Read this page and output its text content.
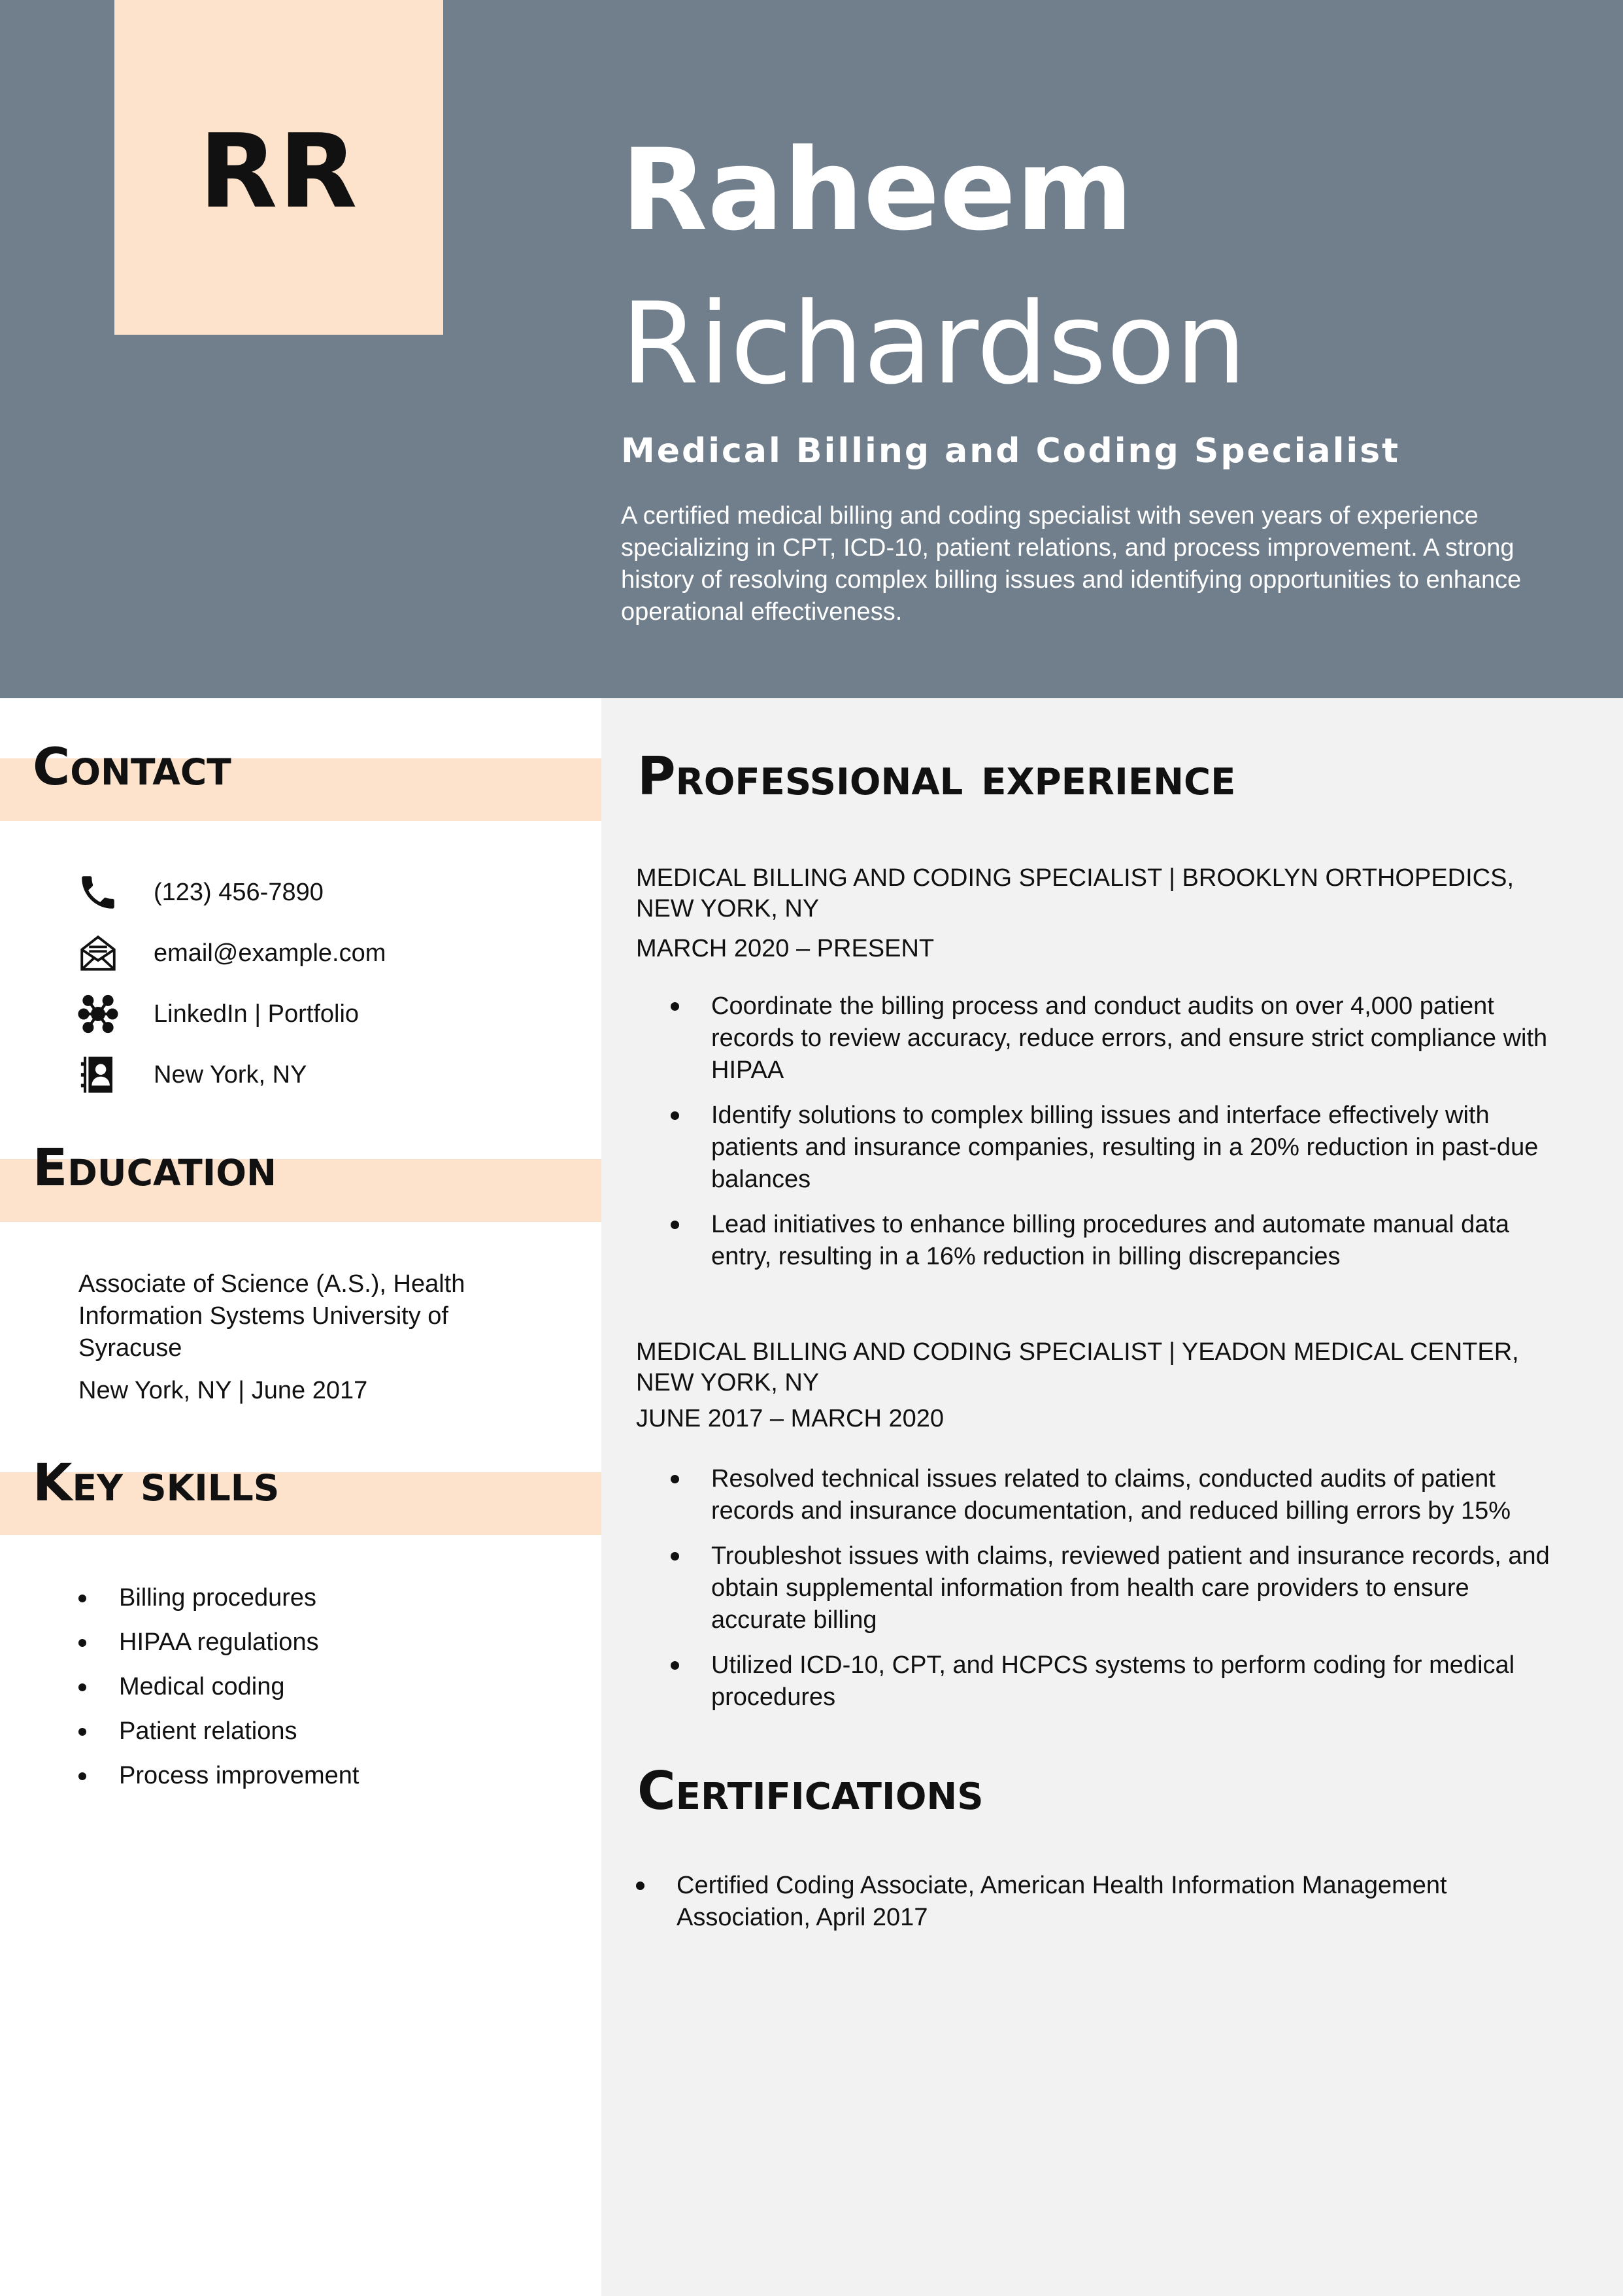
RR Raheem
Richardson
Medical Billing and Coding Specialist
A certified medical billing and coding specialist with seven years of experience specializing in CPT, ICD-10, patient relations, and process improvement. A strong history of resolving complex billing issues and identifying opportunities to enhance operational effectiveness.
Contact
(123) 456-7890
email@example.com
LinkedIn | Portfolio
New York, NY
Education
Associate of Science (A.S.), Health Information Systems University of Syracuse
New York, NY | June 2017
Key skills
Billing procedures
HIPAA regulations
Medical coding
Patient relations
Process improvement
Professional experience
MEDICAL BILLING AND CODING SPECIALIST | BROOKLYN ORTHOPEDICS, NEW YORK, NY
MARCH 2020 – PRESENT
Coordinate the billing process and conduct audits on over 4,000 patient records to review accuracy, reduce errors, and ensure strict compliance with HIPAA
Identify solutions to complex billing issues and interface effectively with patients and insurance companies, resulting in a 20% reduction in past-due balances
Lead initiatives to enhance billing procedures and automate manual data entry, resulting in a 16% reduction in billing discrepancies
MEDICAL BILLING AND CODING SPECIALIST | YEADON MEDICAL CENTER, NEW YORK, NY
JUNE 2017 – MARCH 2020
Resolved technical issues related to claims, conducted audits of patient records and insurance documentation, and reduced billing errors by 15%
Troubleshot issues with claims, reviewed patient and insurance records, and obtain supplemental information from health care providers to ensure accurate billing
Utilized ICD-10, CPT, and HCPCS systems to perform coding for medical procedures
Certifications
Certified Coding Associate, American Health Information Management Association, April 2017
